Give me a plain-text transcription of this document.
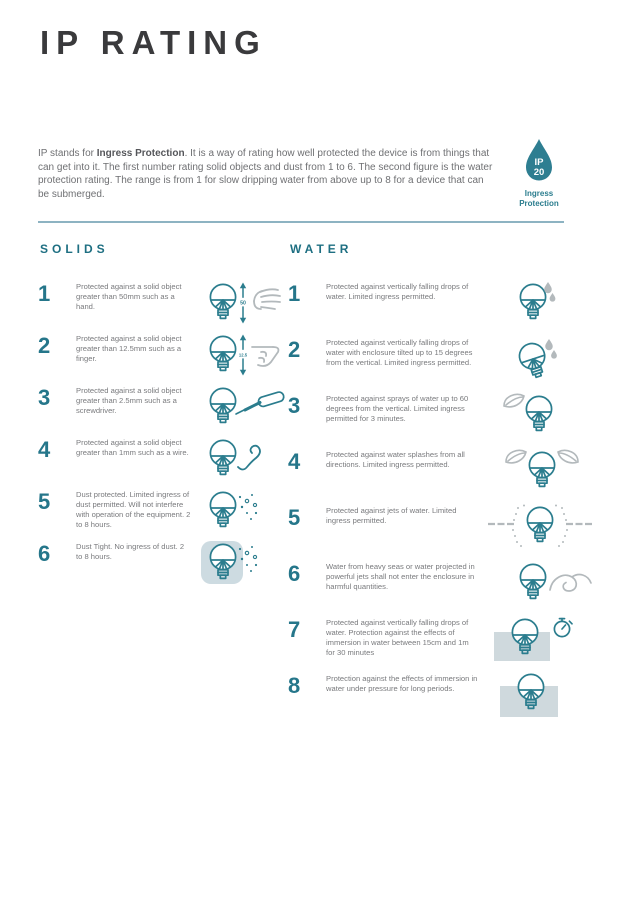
IP RATING

IP stands for Ingress Protection. It is a way of rating how well protected the device is from things that can get into it. The first number rating solid objects and dust from 1 to 6. The second figure is the water protection rating. The range is from 1 for slow dripping water from above up to 8 for a device that can be submerged.

IP
20
Ingress Protection
SOLIDS
1	Protected against a solid object greater than 50mm such as a hand.	50
2	Protected against a solid object greater than 12.5mm such as a finger.	12.5
3	Protected against a solid object greater than 2.5mm such as a screwdriver.
4	Protected against a solid object greater than 1mm such as a wire.
5	Dust protected. Limited ingress of dust permitted. Will not interfere with operation of the equipment. 2 to 8 hours.
6	Dust Tight. No ingress of dust. 2 to 8 hours.
WATER
1	Protected against vertically falling drops of water. Limited ingress permitted.
2	Protected against vertically falling drops of water with enclosure tilted up to 15 degrees from the vertical. Limited ingress permitted.
3	Protected against sprays of water up to 60 degrees from the vertical. Limited ingress permitted for 3 minutes.
4	Protected against water splashes from all directions. Limited ingress permitted.
5	Protected against jets of water. Limited ingress permitted.
6	Water from heavy seas or water projected in powerful jets shall not enter the enclosure in harmful quantities.
7	Protected against vertically falling drops of water. Protection against the effects of immersion in water between 15cm and 1m for 30 minutes
8	Protection against the effects of immersion in water under pressure for long periods.
